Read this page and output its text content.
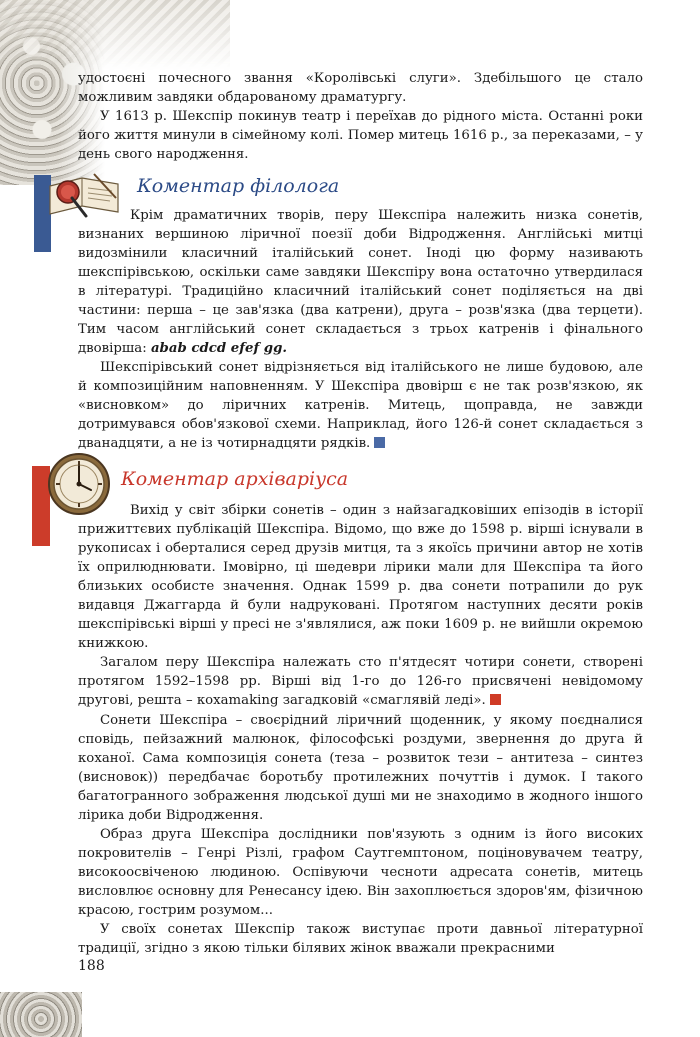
удостоєні почесного звання «Королівські слуги». Здебільшого це стало можливим завдяки обдарованому драматургу.

У 1613 р. Шекспір покинув театр і переїхав до рідного міста. Останні роки його життя минули в сімейному колі. Помер митець 1616 р., за переказами, – у день свого народження.

Коментар філолога

Крім драматичних творів, перу Шекспіра належить низка сонетів, визнаних вершиною ліричної поезії доби Відродження. Англійські митці видозмінили класичний італійський сонет. Іноді цю форму називають шекспірівською, оскільки саме завдяки Шекспіру вона остаточно утвердилася в літературі. Традиційно класичний італійський сонет поділяється на дві частини: перша – це зав'язка (два катрени), друга – розв'язка (два терцети). Тим часом англійський сонет складається з трьох катренів і фінального двовірша: abab cdcd efef gg.

Шекспірівський сонет відрізняється від італійського не лише будовою, але й композиційним наповненням. У Шекспіра двовірш є не так розв'язкою, як «висновком» до ліричних катренів. Митець, щоправда, не завжди дотримувався обов'язкової схеми. Наприклад, його 126-й сонет складається з дванадцяти, а не із чотирнадцяти рядків.

Коментар архіваріуса

Вихід у світ збірки сонетів – один з найзагадковіших епізодів в історії прижиттєвих публікацій Шекспіра. Відомо, що вже до 1598 р. вірші існували в рукописах і оберталися серед друзів митця, та з якоїсь причини автор не хотів їх оприлюднювати. Імовірно, ці шедеври лірики мали для Шекспіра та його близьких особисте значення. Однак 1599 р. два сонети потрапили до рук видавця Джаггарда й були надруковані. Протягом наступних десяти років шекспірівські вірші у пресі не з'являлися, аж поки 1609 р. не вийшли окремою книжкою.

Загалом перу Шекспіра належать сто п'ятдесят чотири сонети, створені протягом 1592–1598 рр. Вірші від 1-го до 126-го присвячені невідомому другові, решта – кохаmaking загадковій «смаглявій леді».

Сонети Шекспіра – своєрідний ліричний щоденник, у якому поєдналися сповідь, пейзажний малюнок, філософські роздуми, звернення до друга й коханої. Сама композиція сонета (теза – розвиток тези – антитеза – синтез (висновок)) передбачає боротьбу протилежних почуттів і думок. І такого багатогранного зображення людської душі ми не знаходимо в жодного іншого лірика доби Відродження.

Образ друга Шекспіра дослідники пов'язують з одним із його високих покровителів – Генрі Різлі, графом Саутгемптоном, поціновувачем театру, високоосвіченою людиною. Оспівуючи чесноти адресата сонетів, митець висловлює основну для Ренесансу ідею. Він захоплюється здоров'ям, фізичною красою, гострим розумом...

У своїх сонетах Шекспір також виступає проти давньої літературної традиції, згідно з якою тільки білявих жінок вважали прекрасними

188
